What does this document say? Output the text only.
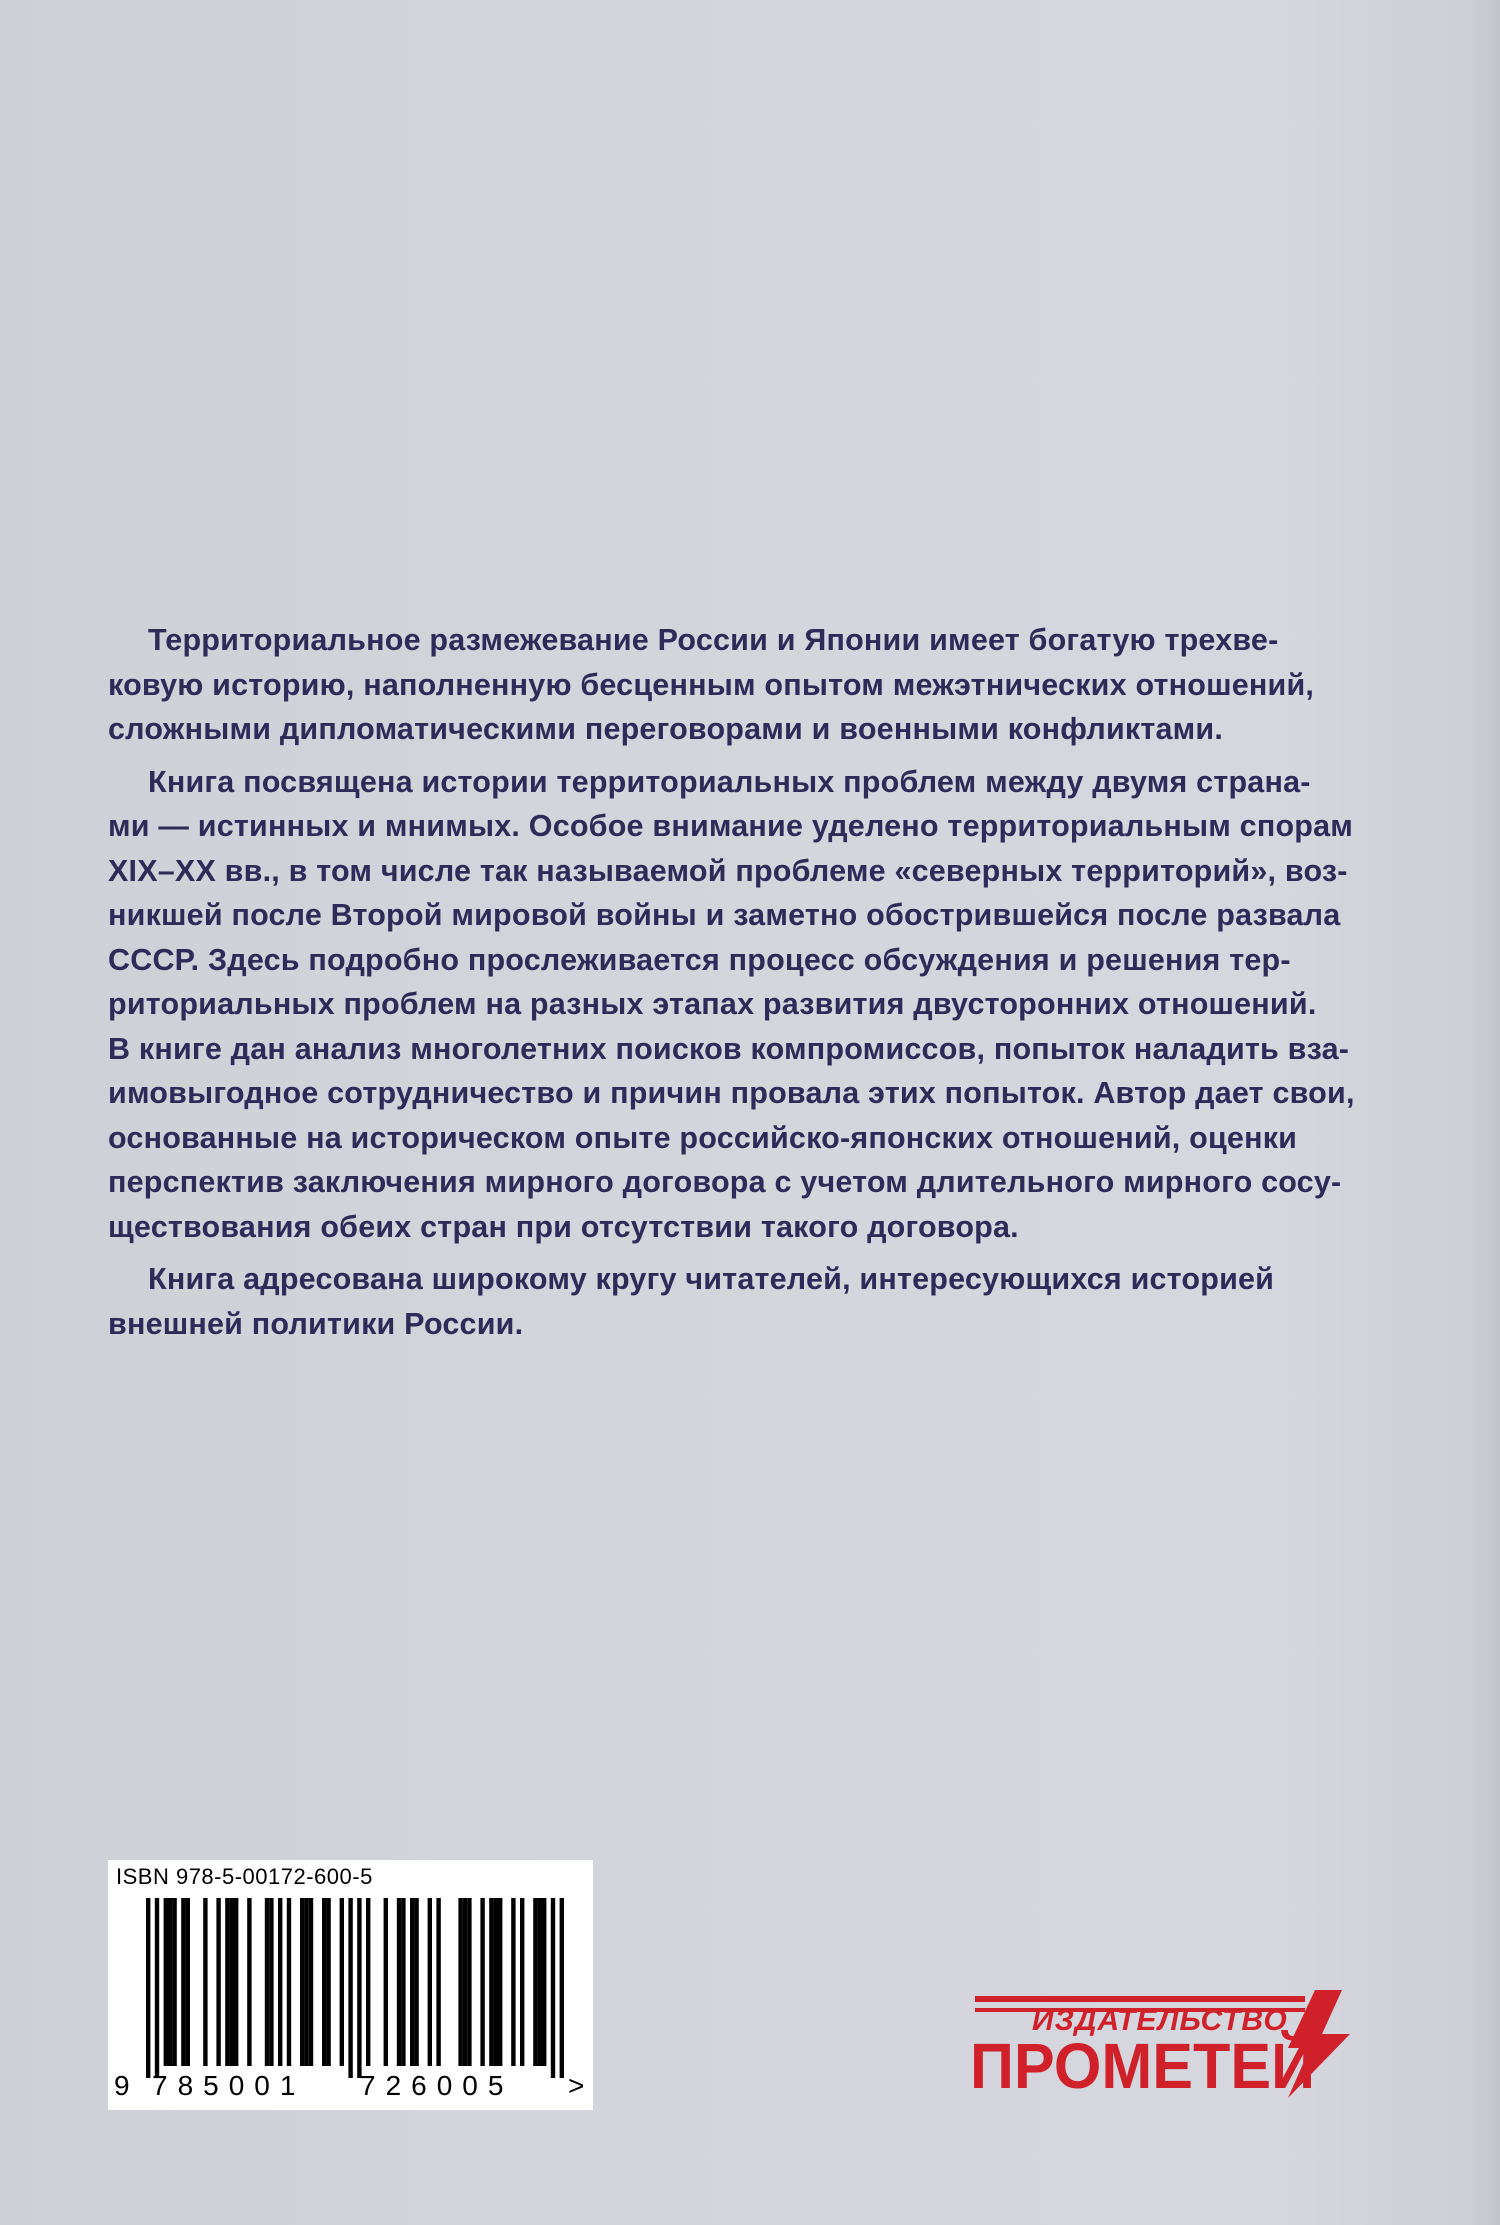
Территориальное размежевание России и Японии имеет богатую трехве-
ковую историю, наполненную бесценным опытом межэтнических отношений,
сложными дипломатическими переговорами и военными конфликтами.

Книга посвящена истории территориальных проблем между двумя страна-
ми — истинных и мнимых. Особое внимание уделено территориальным спорам
XIX–XX вв., в том числе так называемой проблеме «северных территорий», воз-
никшей после Второй мировой войны и заметно обострившейся после развала
СССР. Здесь подробно прослеживается процесс обсуждения и решения тер-
риториальных проблем на разных этапах развития двусторонних отношений.
В книге дан анализ многолетних поисков компромиссов, попыток наладить вза-
имовыгодное сотрудничество и причин провала этих попыток. Автор дает свои,
основанные на историческом опыте российско-японских отношений, оценки
перспектив заключения мирного договора с учетом длительного мирного сосу-
ществования обеих стран при отсутствии такого договора.

Книга адресована широкому кругу читателей, интересующихся историей
внешней политики России.

ISBN 978-5-00172-600-5
9 785001	726005	>
ИЗДАТЕЛЬСТВО
ПРОМЕТЕЙ
